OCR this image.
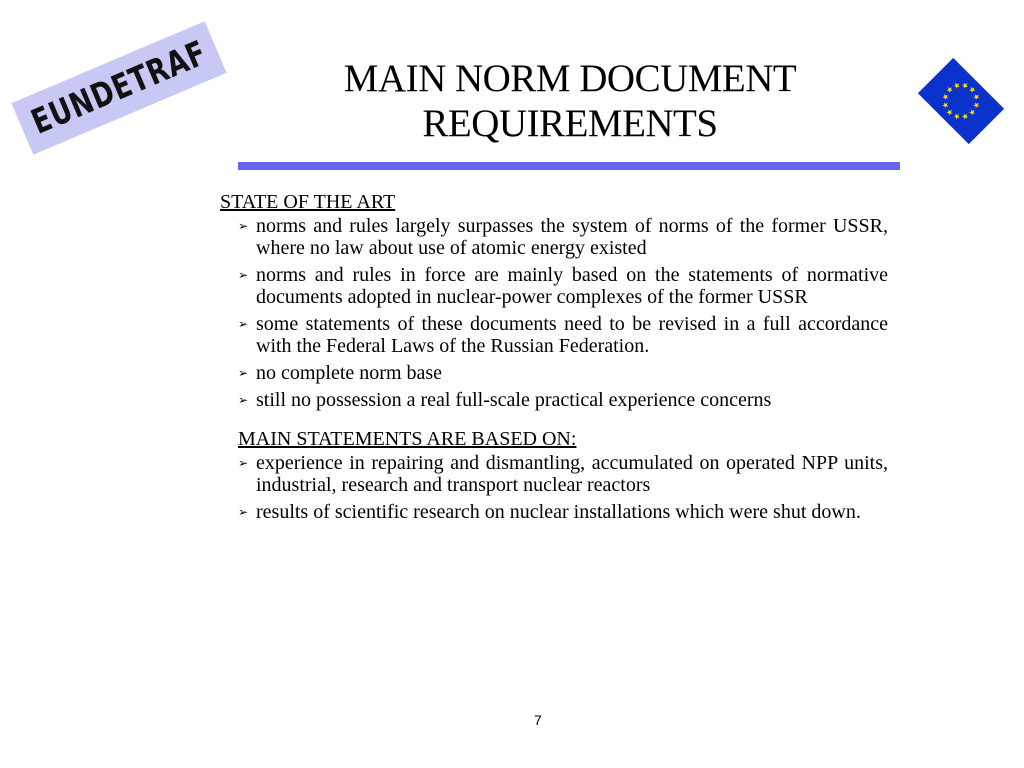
EUNDETRAF	MAIN NORM DOCUMENT
REQUIREMENTS
STATE OF THE ART
➢ norms and rules largely surpasses the system of norms of the former USSR, where no law about use of atomic energy existed
➢ norms and rules in force are mainly based on the statements of normative documents adopted in nuclear-power complexes of the former USSR
➢ some statements of these documents need to be revised in a full accordance with the Federal Laws of the Russian Federation.
➢ no complete norm base
➢ still no possession a real full-scale practical experience concerns
MAIN STATEMENTS ARE BASED ON:
➢ experience in repairing and dismantling, accumulated on operated NPP units, industrial, research and transport nuclear reactors
➢ results of scientific research on nuclear installations which were shut down.
7
